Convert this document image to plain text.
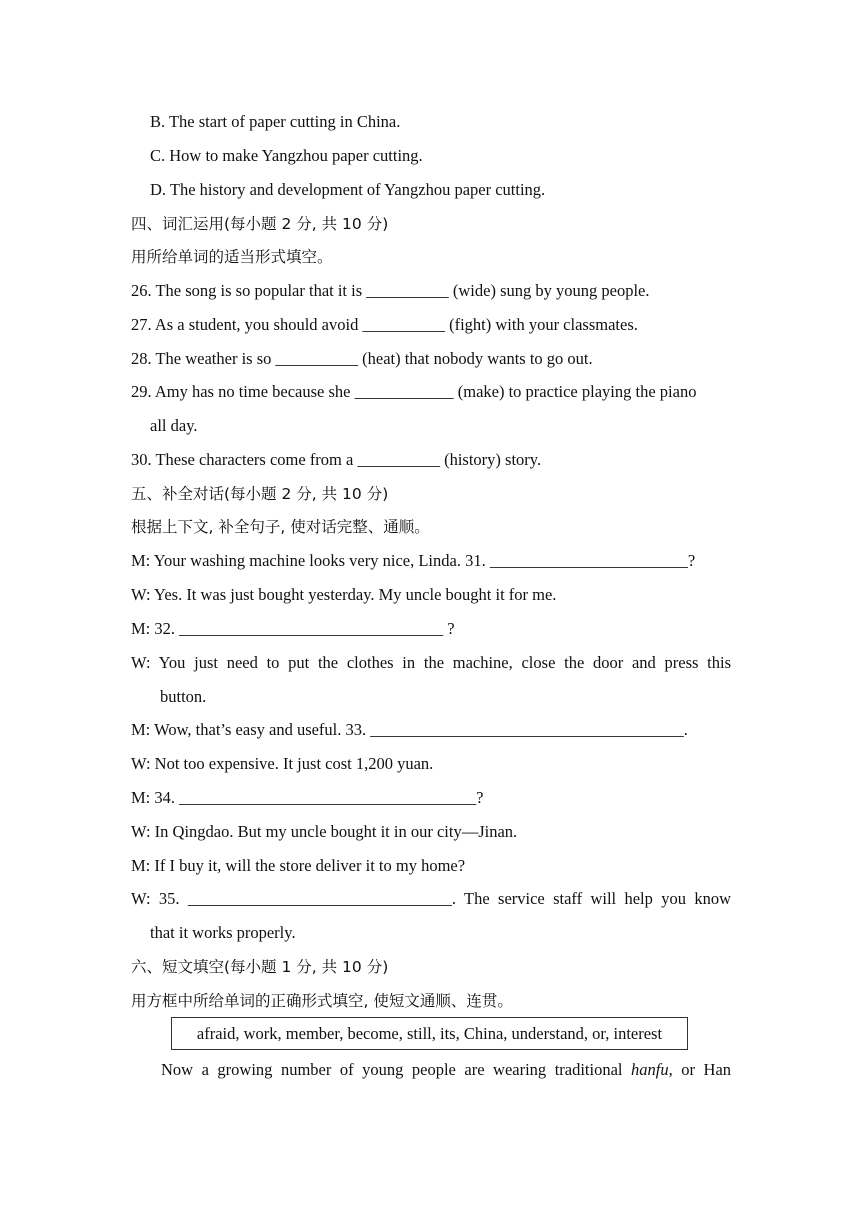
B. The start of paper cutting in China.
C. How to make Yangzhou paper cutting.
D. The history and development of Yangzhou paper cutting.
四、词汇运用(每小题 2 分, 共 10 分)
用所给单词的适当形式填空。
26. The song is so popular that it is __________ (wide) sung by young people.
27. As a student, you should avoid __________ (fight) with your classmates.
28. The weather is so __________ (heat) that nobody wants to go out.
29. Amy has no time because she ____________ (make) to practice playing the piano
all day.
30. These characters come from a __________ (history) story.
五、补全对话(每小题 2 分, 共 10 分)
根据上下文, 补全句子, 使对话完整、通顺。
M: Your washing machine looks very nice, Linda. 31. ________________________?
W: Yes. It was just bought yesterday. My uncle bought it for me.
M: 32. ________________________________ ?
W: You just need to put the clothes in the machine, close the door and press this
button.
M: Wow, that’s easy and useful. 33. ______________________________________.
W: Not too expensive. It just cost 1,200 yuan.
M: 34. ____________________________________?
W: In Qingdao. But my uncle bought it in our city—Jinan.
M: If I buy it, will the store deliver it to my home?
W: 35. ________________________________. The service staff will help you know
that it works properly.
六、短文填空(每小题 1 分, 共 10 分)
用方框中所给单词的正确形式填空, 使短文通顺、连贯。
afraid, work, member, become, still, its, China, understand, or, interest
Now a growing number of young people are wearing traditional hanfu, or Han
